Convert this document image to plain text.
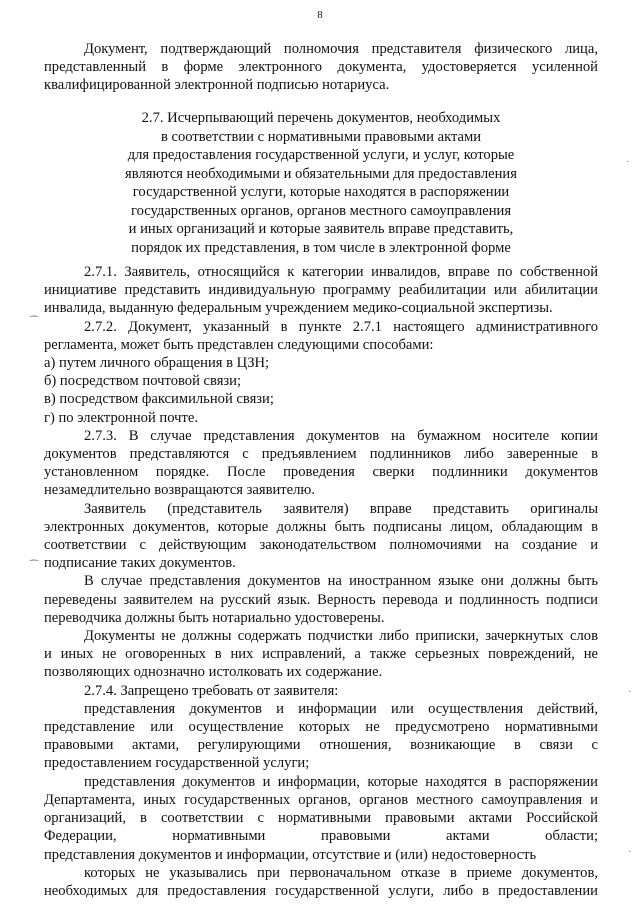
8
Документ, подтверждающий полномочия представителя физического лица,
представленный в форме электронного документа, удостоверяется усиленной
квалифицированной электронной подписью нотариуса.
2.7. Исчерпывающий перечень документов, необходимых
в соответствии с нормативными правовыми актами
для предоставления государственной услуги, и услуг, которые
являются необходимыми и обязательными для предоставления
государственной услуги, которые находятся в распоряжении
государственных органов, органов местного самоуправления
и иных организаций и которые заявитель вправе представить,
порядок их представления, в том числе в электронной форме
2.7.1. Заявитель, относящийся к категории инвалидов, вправе по собственной
инициативе представить индивидуальную программу реабилитации или абилитации
инвалида, выданную федеральным учреждением медико-социальной экспертизы.
2.7.2. Документ, указанный в пункте 2.7.1 настоящего административного
регламента, может быть представлен следующими способами:
а) путем личного обращения в ЦЗН;
б) посредством почтовой связи;
в) посредством факсимильной связи;
г) по электронной почте.
2.7.3. В случае представления документов на бумажном носителе копии
документов представляются с предъявлением подлинников либо заверенные в
установленном порядке. После проведения сверки подлинники документов
незамедлительно возвращаются заявителю.
Заявитель (представитель заявителя) вправе представить оригиналы
электронных документов, которые должны быть подписаны лицом, обладающим в
соответствии с действующим законодательством полномочиями на создание и
подписание таких документов.
В случае представления документов на иностранном языке они должны быть
переведены заявителем на русский язык. Верность перевода и подлинность подписи
переводчика должны быть нотариально удостоверены.
Документы не должны содержать подчистки либо приписки, зачеркнутых слов
и иных не оговоренных в них исправлений, а также серьезных повреждений, не
позволяющих однозначно истолковать их содержание.
2.7.4. Запрещено требовать от заявителя:
представления документов и информации или осуществления действий,
представление или осуществление которых не предусмотрено нормативными
правовыми актами, регулирующими отношения, возникающие в связи с
предоставлением государственной услуги;
представления документов и информации, которые находятся в распоряжении
Департамента, иных государственных органов, органов местного самоуправления и
организаций, в соответствии с нормативными правовыми актами Российской
Федерации, нормативными правовыми актами области;
представления документов и информации, отсутствие и (или) недостоверность
которых не указывались при первоначальном отказе в приеме документов,
необходимых для предоставления государственной услуги, либо в предоставлении
⁀
⁀
·
·
·
